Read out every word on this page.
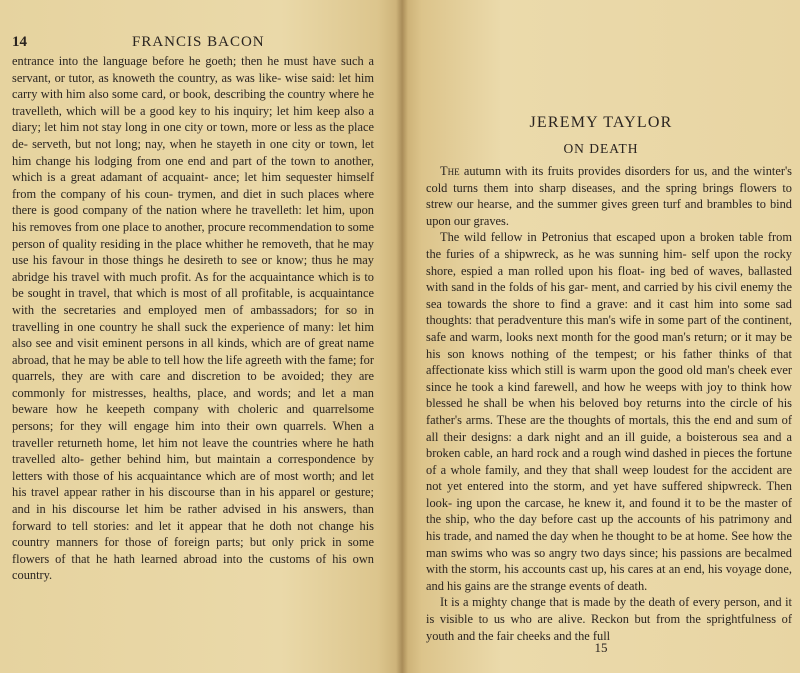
14	FRANCIS BACON

entrance into the language before he goeth; then he must have such a servant, or tutor, as knoweth the country, as was like- wise said: let him carry with him also some card, or book, describing the country where he travelleth, which will be a good key to his inquiry; let him keep also a diary; let him not stay long in one city or town, more or less as the place de- serveth, but not long; nay, when he stayeth in one city or town, let him change his lodging from one end and part of the town to another, which is a great adamant of acquaint- ance; let him sequester himself from the company of his coun- trymen, and diet in such places where there is good company of the nation where he travelleth: let him, upon his removes from one place to another, procure recommendation to some person of quality residing in the place whither he removeth, that he may use his favour in those things he desireth to see or know; thus he may abridge his travel with much profit. As for the acquaintance which is to be sought in travel, that which is most of all profitable, is acquaintance with the secretaries and employed men of ambassadors; for so in travelling in one country he shall suck the experience of many: let him also see and visit eminent persons in all kinds, which are of great name abroad, that he may be able to tell how the life agreeth with the fame; for quarrels, they are with care and discretion to be avoided; they are commonly for mistresses, healths, place, and words; and let a man beware how he keepeth company with choleric and quarrelsome persons; for they will engage him into their own quarrels. When a traveller returneth home, let him not leave the countries where he hath travelled alto- gether behind him, but maintain a correspondence by letters with those of his acquaintance which are of most worth; and let his travel appear rather in his discourse than in his apparel or gesture; and in his discourse let him be rather advised in his answers, than forward to tell stories: and let it appear that he doth not change his country manners for those of foreign parts; but only prick in some flowers of that he hath learned abroad into the customs of his own country.

JEREMY TAYLOR
ON DEATH

The autumn with its fruits provides disorders for us, and the winter's cold turns them into sharp diseases, and the spring brings flowers to strew our hearse, and the summer gives green turf and brambles to bind upon our graves.

The wild fellow in Petronius that escaped upon a broken table from the furies of a shipwreck, as he was sunning him- self upon the rocky shore, espied a man rolled upon his float- ing bed of waves, ballasted with sand in the folds of his gar- ment, and carried by his civil enemy the sea towards the shore to find a grave: and it cast him into some sad thoughts: that peradventure this man's wife in some part of the continent, safe and warm, looks next month for the good man's return; or it may be his son knows nothing of the tempest; or his father thinks of that affectionate kiss which still is warm upon the good old man's cheek ever since he took a kind farewell, and how he weeps with joy to think how blessed he shall be when his beloved boy returns into the circle of his father's arms. These are the thoughts of mortals, this the end and sum of all their designs: a dark night and an ill guide, a boisterous sea and a broken cable, an hard rock and a rough wind dashed in pieces the fortune of a whole family, and they that shall weep loudest for the accident are not yet entered into the storm, and yet have suffered shipwreck. Then look- ing upon the carcase, he knew it, and found it to be the master of the ship, who the day before cast up the accounts of his patrimony and his trade, and named the day when he thought to be at home. See how the man swims who was so angry two days since; his passions are becalmed with the storm, his accounts cast up, his cares at an end, his voyage done, and his gains are the strange events of death.

It is a mighty change that is made by the death of every person, and it is visible to us who are alive. Reckon but from the sprightfulness of youth and the fair cheeks and the full

15
